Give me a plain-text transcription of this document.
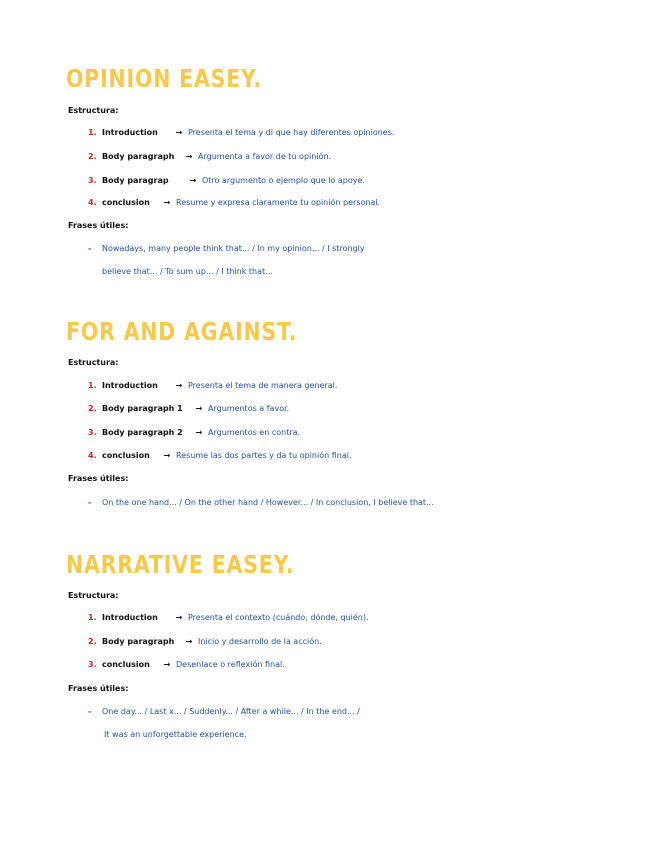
OPINION EASEY.
Estructura:
1. Introduction → Presenta el tema y di que hay diferentes opiniones.
2. Body paragraph → Argumenta a favor de tu opinión.
3. Body paragrap	→ Otro argumento o ejemplo que lo apoye.
4. conclusion → Resume y expresa claramente tu opinión personal.
Frases útiles:
- Nowadays, many people think that... / In my opinion... / I strongly
believe that... / To sum up... / I think that...
FOR AND AGAINST.
Estructura:
1. Introduction → Presenta el tema de manera general.
2. Body paragraph 1 → Argumentos a favor.
3. Body paragraph 2 → Argumentos en contra.
4. conclusion → Resume las dos partes y da tu opinión final.
Frases útiles:
- On the one hand... / On the other hand / However... / In conclusion, I believe that...
NARRATIVE EASEY.
Estructura:
1. Introduction → Presenta el contexto (cuándo, dónde, quién).
2. Body paragraph → Inicio y desarrollo de la acción.
3. conclusion → Desenlace o reflexión final.
Frases útiles:
- One day... / Last x... / Suddenly... / After a while... / In the end... /
It was an unforgettable experience.
